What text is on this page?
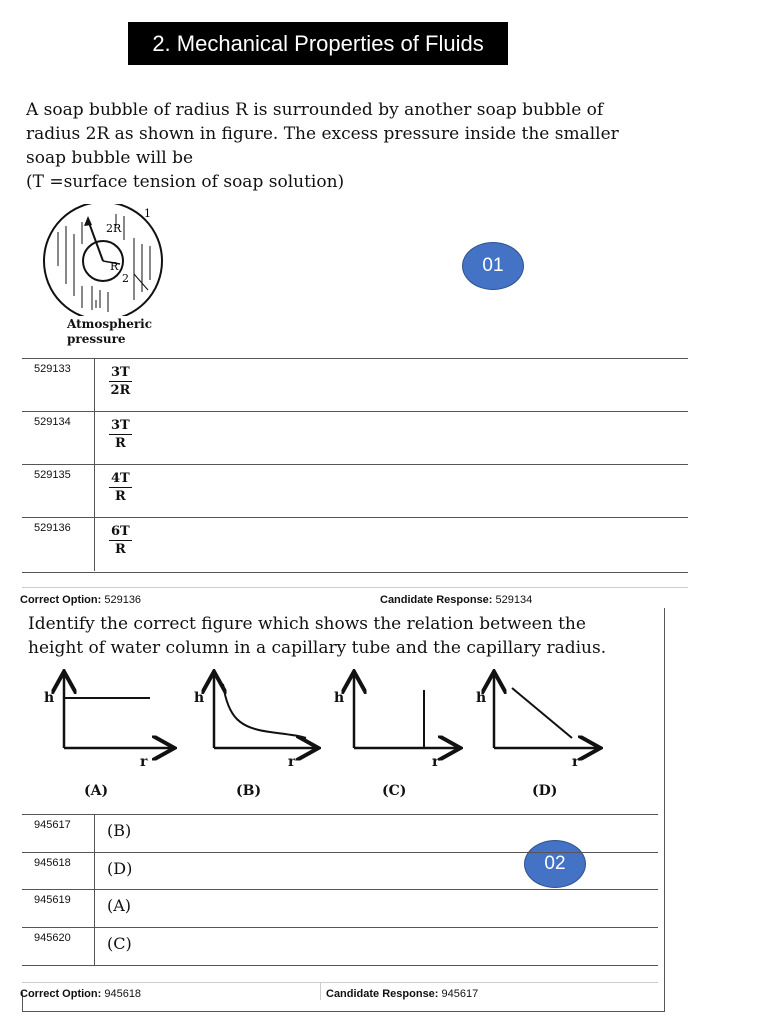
2. Mechanical Properties of Fluids

A soap bubble of radius R is surrounded by another soap bubble of

radius 2R as shown in figure. The excess pressure inside the smaller

soap bubble will be

(T =surface tension of soap solution)

2R
R
1
2
Atmospheric
pressure
01
529133	$\frac{3T}{2R}$

529134	$\frac{3T}{R}$

529135	$\frac{4T}{R}$

529136	$\frac{6T}{R}$
Correct Option: 529136	Candidate Response: 529134
Identify the correct figure which shows the relation between the
height of water column in a capillary tube and the capillary radius.
h
r
h
r
h
r
h
r
(A)	(B)	(C)	(D)
02
945617	(B)
945618	(D)
945619	(A)
945620	(C)
Correct Option: 945618	Candidate Response: 945617
